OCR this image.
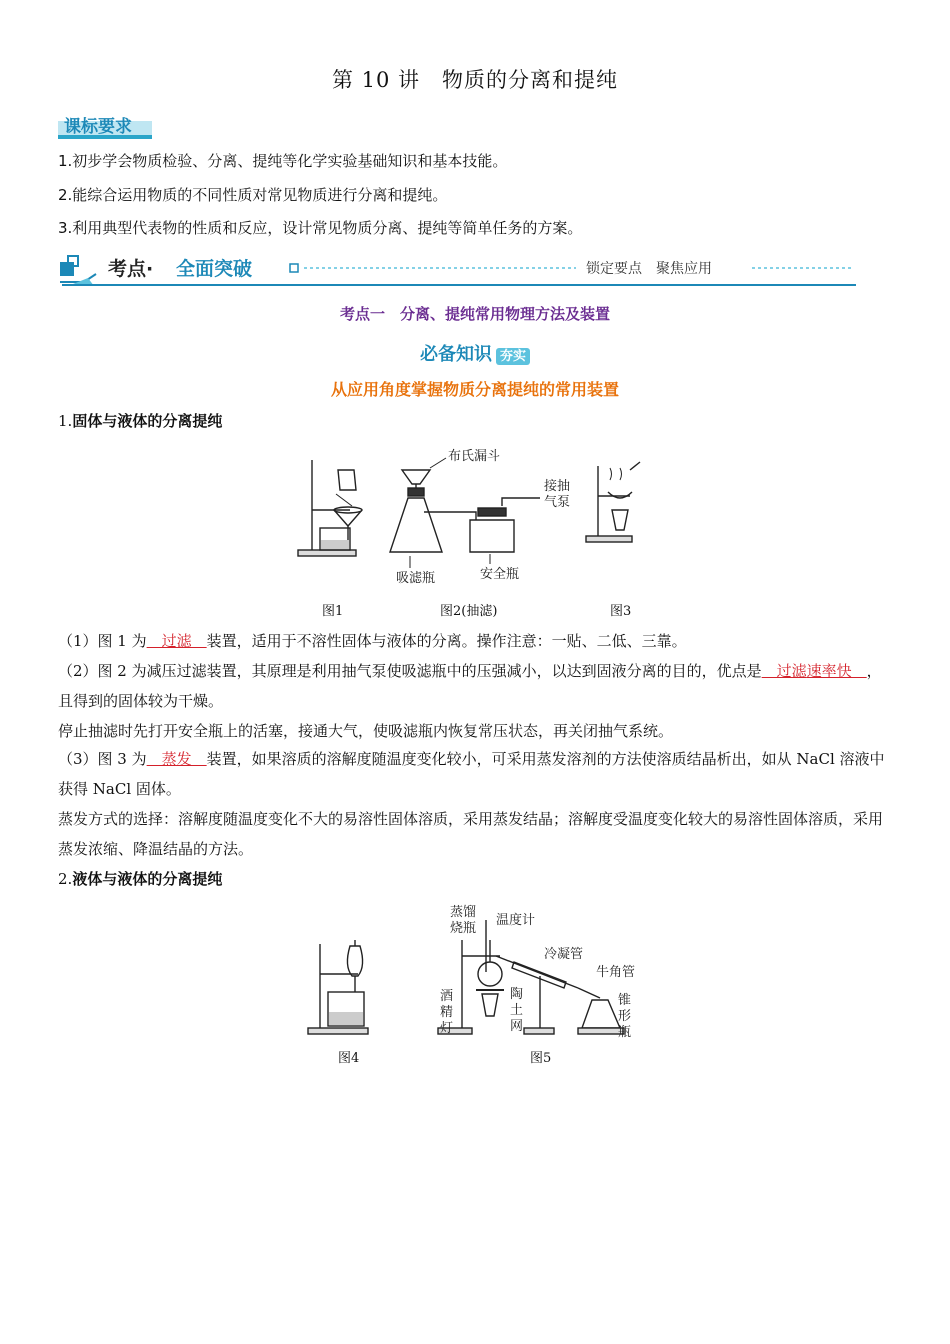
第 10 讲　物质的分离和提纯
课标要求
1.初步学会物质检验、分离、提纯等化学实验基础知识和基本技能。
2.能综合运用物质的不同性质对常见物质进行分离和提纯。
3.利用典型代表物的性质和反应，设计常见物质分离、提纯等简单任务的方案。
考点· 全面突破	锁定要点　聚焦应用
考点一　分离、提纯常用物理方法及装置
必备知识 夯实
从应用角度掌握物质分离提纯的常用装置
1.固体与液体的分离提纯
布氏漏斗
接抽
气泵
吸滤瓶	安全瓶
图1	图2(抽滤)	图3
（1）图 1 为　过滤　装置，适用于不溶性固体与液体的分离。操作注意：一贴、二低、三靠。
（2）图 2 为减压过滤装置，其原理是利用抽气泵使吸滤瓶中的压强减小，以达到固液分离的目的，优点是　过滤速率快　，且得到的固体较为干燥。
停止抽滤时先打开安全瓶上的活塞，接通大气，使吸滤瓶内恢复常压状态，再关闭抽气系统。
（3）图 3 为　蒸发　装置，如果溶质的溶解度随温度变化较小，可采用蒸发溶剂的方法使溶质结晶析出，如从 NaCl 溶液中获得 NaCl 固体。
蒸发方式的选择：溶解度随温度变化不大的易溶性固体溶质，采用蒸发结晶；溶解度受温度变化较大的易溶性固体溶质，采用蒸发浓缩、降温结晶的方法。
2.液体与液体的分离提纯
蒸馏
烧瓶
温度计
冷凝管
牛角管
酒
精
灯
陶
土
网
锥
形
瓶
图4	图5
